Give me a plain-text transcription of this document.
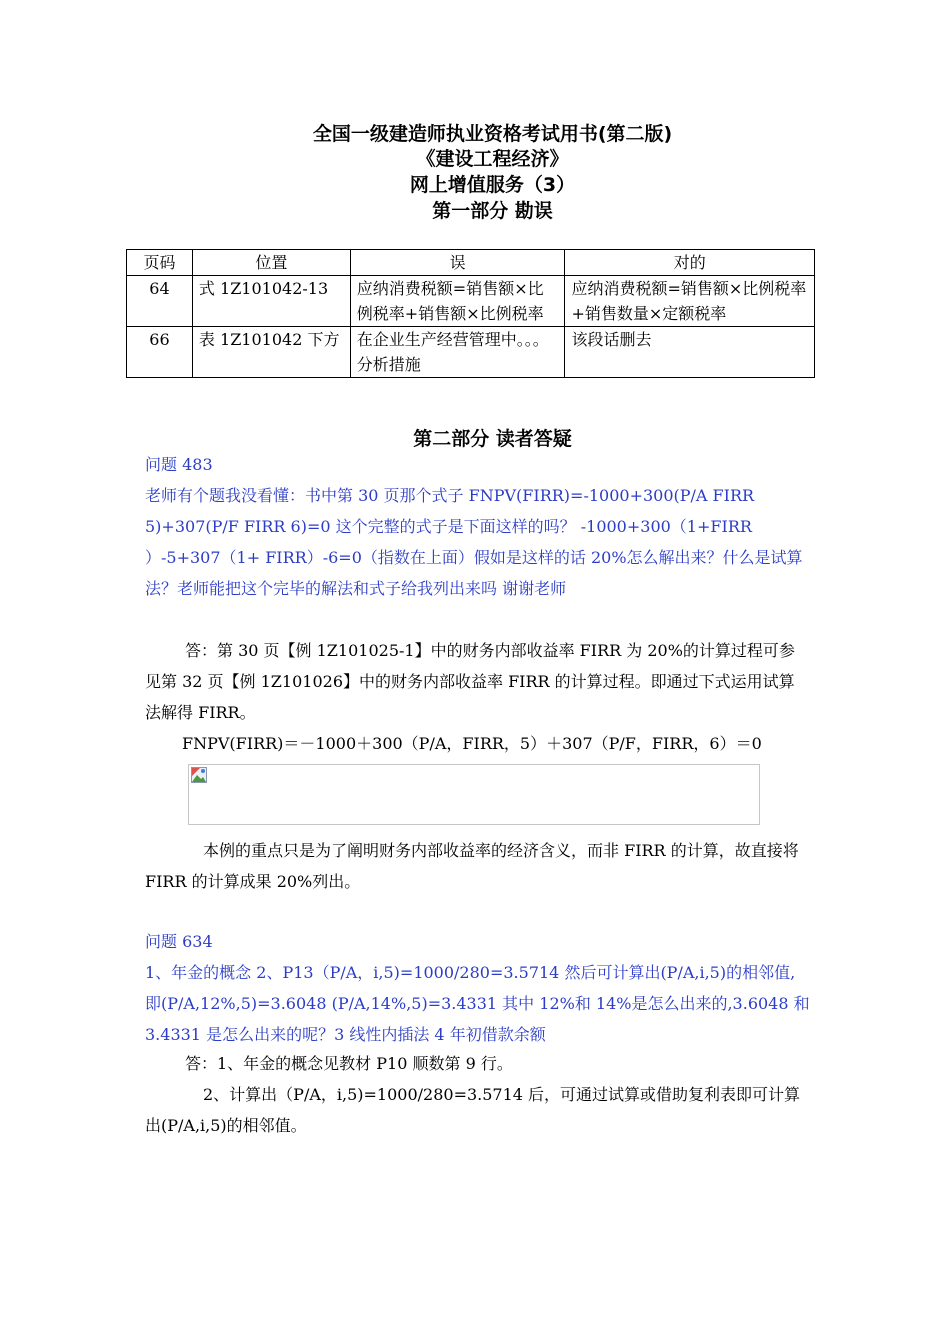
全国一级建造师执业资格考试用书(第二版)
《建设工程经济》
网上增值服务（3）
第一部分 勘误
页码	位置	误	对的
64	式 1Z101042-13	应纳消费税额=销售额×比例税率+销售额×比例税率	应纳消费税额=销售额×比例税率+销售数量×定额税率
66	表 1Z101042 下方	在企业生产经营管理中。。。分析措施	该段话删去
第二部分 读者答疑
问题 483
老师有个题我没看懂：书中第 30 页那个式子 FNPV(FIRR)=-1000+300(P/A FIRR 5)+307(P/F FIRR 6)=0 这个完整的式子是下面这样的吗？ -1000+300（1+FIRR ）-5+307（1+ FIRR）-6=0（指数在上面）假如是这样的话 20%怎么解出来？什么是试算法？老师能把这个完毕的解法和式子给我列出来吗 谢谢老师
答：第 30 页【例 1Z101025-1】中的财务内部收益率 FIRR 为 20%的计算过程可参见第 32 页【例 1Z101026】中的财务内部收益率 FIRR 的计算过程。即通过下式运用试算法解得 FIRR。
FNPV(FIRR)＝－1000＋300（P/A，FIRR，5）＋307（P/F，FIRR，6）＝0
本例的重点只是为了阐明财务内部收益率的经济含义，而非 FIRR 的计算，故直接将 FIRR 的计算成果 20%列出。
问题 634
1、年金的概念 2、P13（P/A，i,5)=1000/280=3.5714 然后可计算出(P/A,i,5)的相邻值,即(P/A,12%,5)=3.6048 (P/A,14%,5)=3.4331 其中 12%和 14%是怎么出来的,3.6048 和 3.4331 是怎么出来的呢？3 线性内插法 4 年初借款余额
答：1、年金的概念见教材 P10 顺数第 9 行。
2、计算出（P/A，i,5)=1000/280=3.5714 后，可通过试算或借助复利表即可计算出(P/A,i,5)的相邻值。
